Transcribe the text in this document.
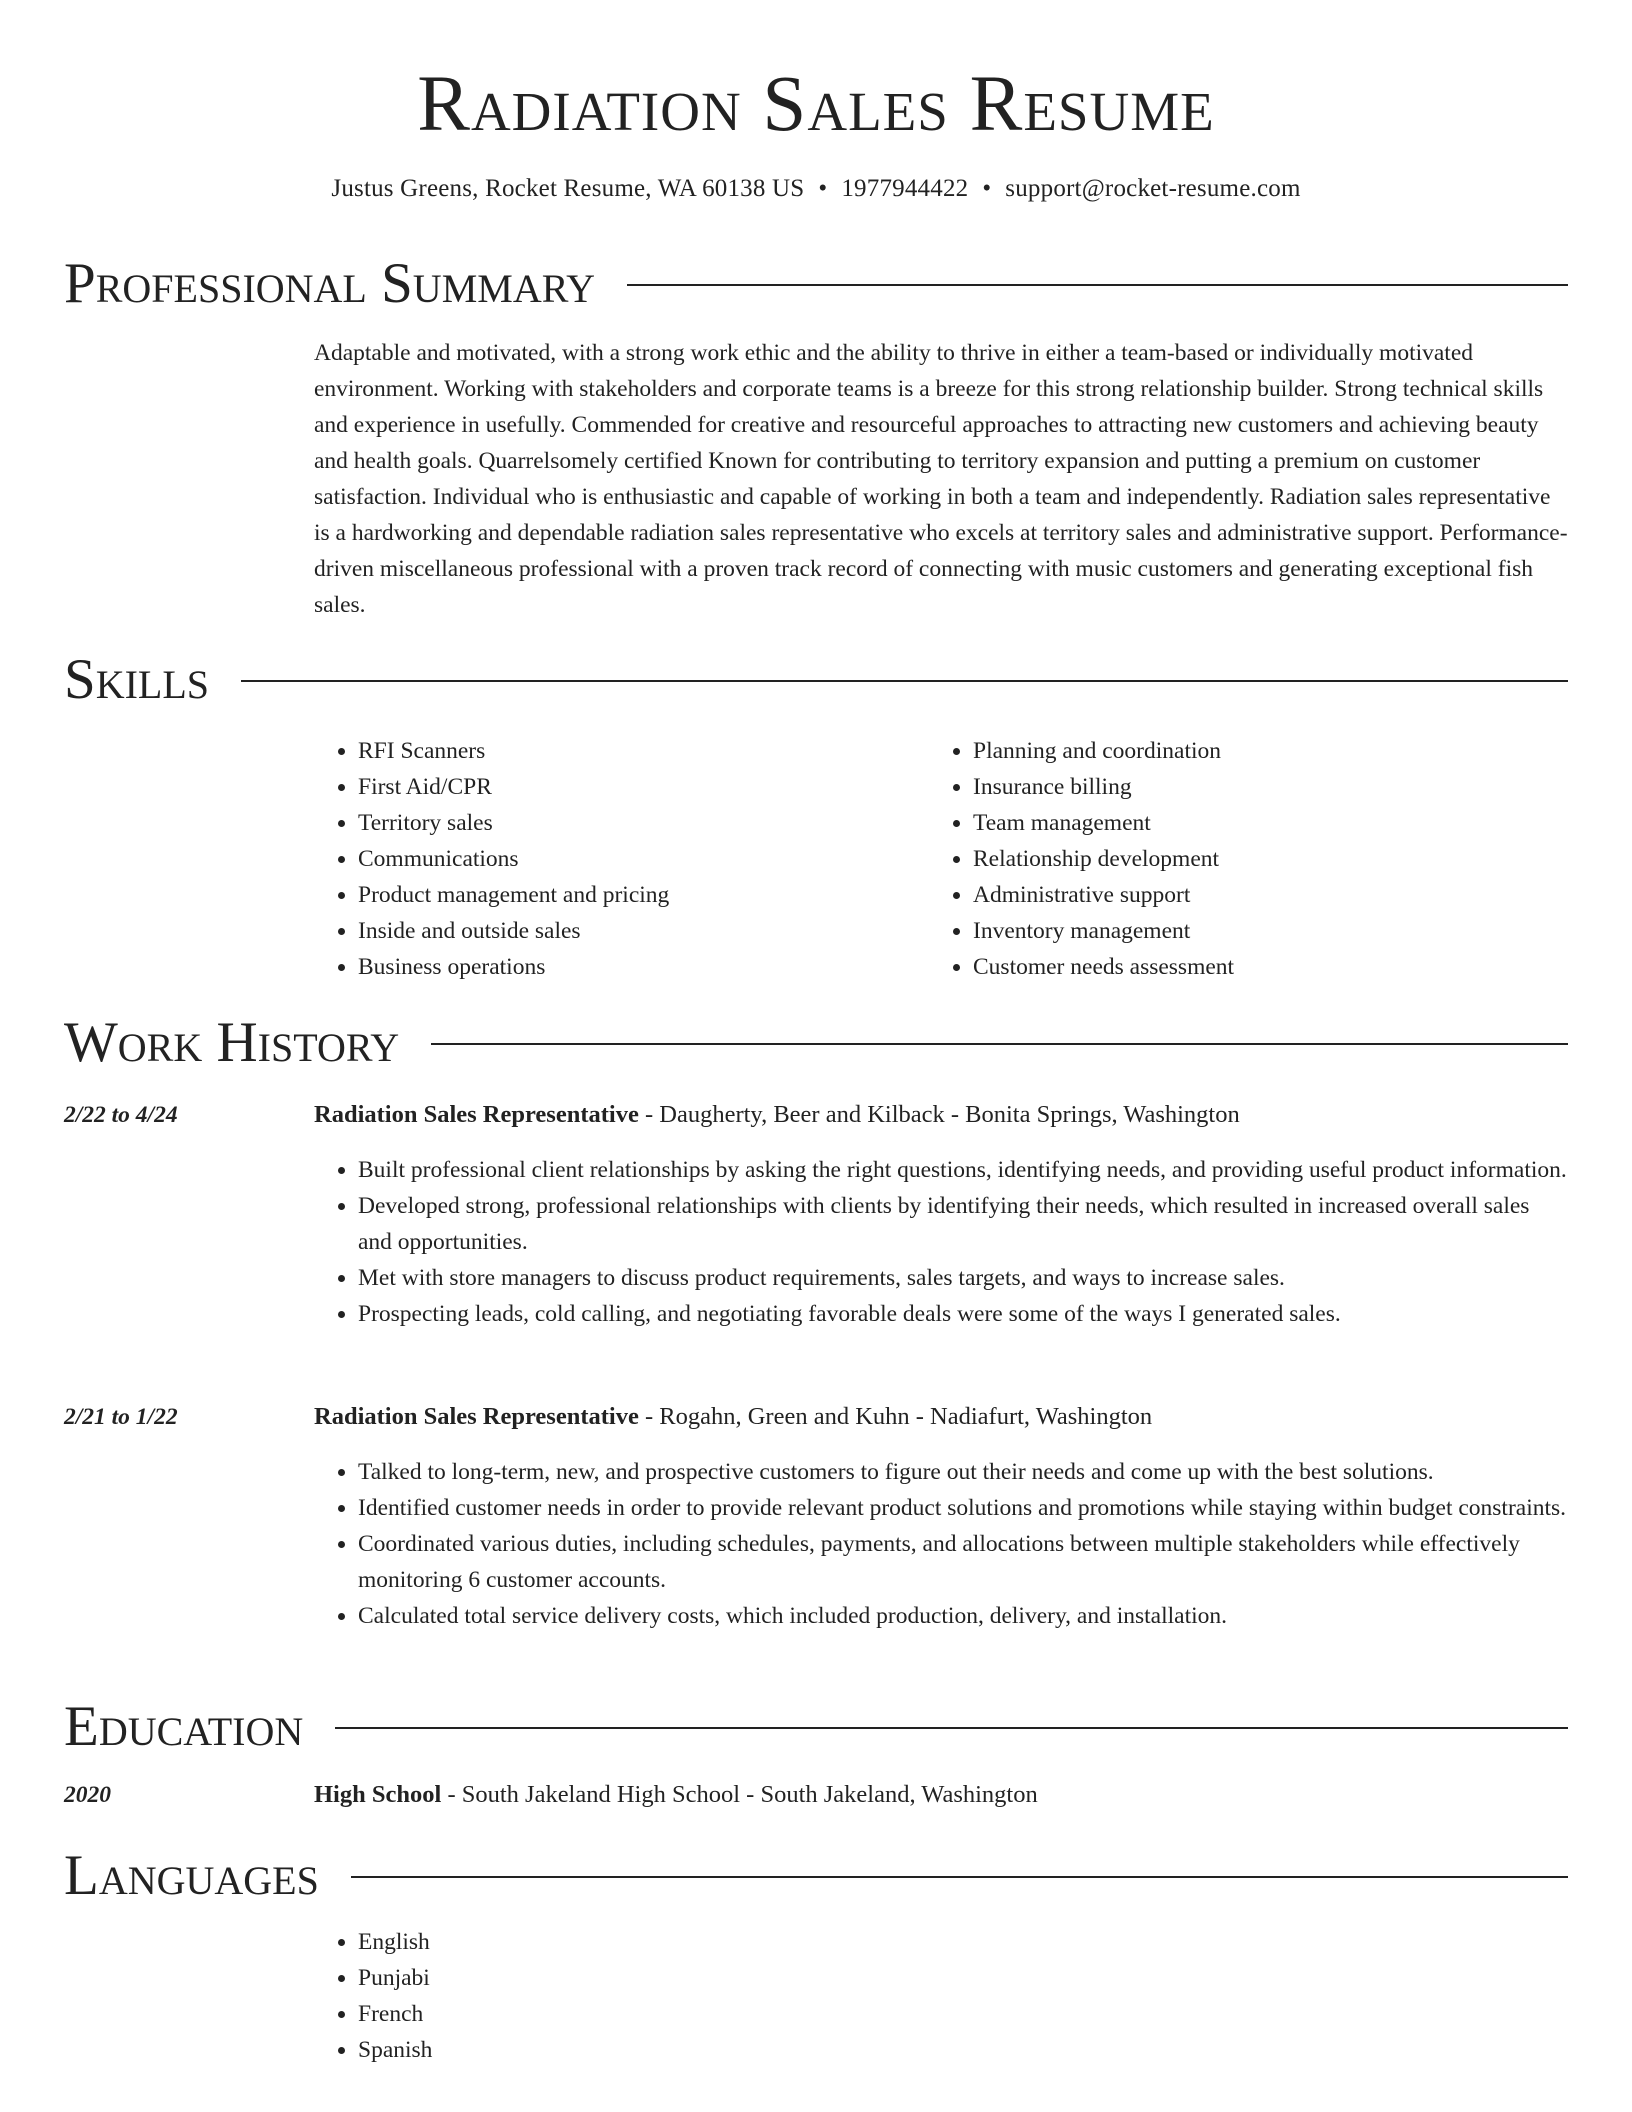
Radiation Sales Resume
Justus Greens, Rocket Resume, WA 60138 US • 1977944422 • support@rocket-resume.com
Professional Summary

Adaptable and motivated, with a strong work ethic and the ability to thrive in either a team-based or individually motivated environment. Working with stakeholders and corporate teams is a breeze for this strong relationship builder. Strong technical skills and experience in usefully. Commended for creative and resourceful approaches to attracting new customers and achieving beauty and health goals. Quarrelsomely certified Known for contributing to territory expansion and putting a premium on customer satisfaction. Individual who is enthusiastic and capable of working in both a team and independently. Radiation sales representative is a hardworking and dependable radiation sales representative who excels at territory sales and administrative support. Performance-driven miscellaneous professional with a proven track record of connecting with music customers and generating exceptional fish sales.

Skills
• RFI Scanners
• First Aid/CPR
• Territory sales
• Communications
• Product management and pricing
• Inside and outside sales
• Business operations
• Planning and coordination
• Insurance billing
• Team management
• Relationship development
• Administrative support
• Inventory management
• Customer needs assessment
Work History
2/22 to 4/24	Radiation Sales Representative - Daugherty, Beer and Kilback - Bonita Springs, Washington
• Built professional client relationships by asking the right questions, identifying needs, and providing useful product information.
• Developed strong, professional relationships with clients by identifying their needs, which resulted in increased overall sales and opportunities.
• Met with store managers to discuss product requirements, sales targets, and ways to increase sales.
• Prospecting leads, cold calling, and negotiating favorable deals were some of the ways I generated sales.
2/21 to 1/22	Radiation Sales Representative - Rogahn, Green and Kuhn - Nadiafurt, Washington
• Talked to long-term, new, and prospective customers to figure out their needs and come up with the best solutions.
• Identified customer needs in order to provide relevant product solutions and promotions while staying within budget constraints.
• Coordinated various duties, including schedules, payments, and allocations between multiple stakeholders while effectively monitoring 6 customer accounts.
• Calculated total service delivery costs, which included production, delivery, and installation.
Education
2020	High School - South Jakeland High School - South Jakeland, Washington
Languages
• English
• Punjabi
• French
• Spanish
